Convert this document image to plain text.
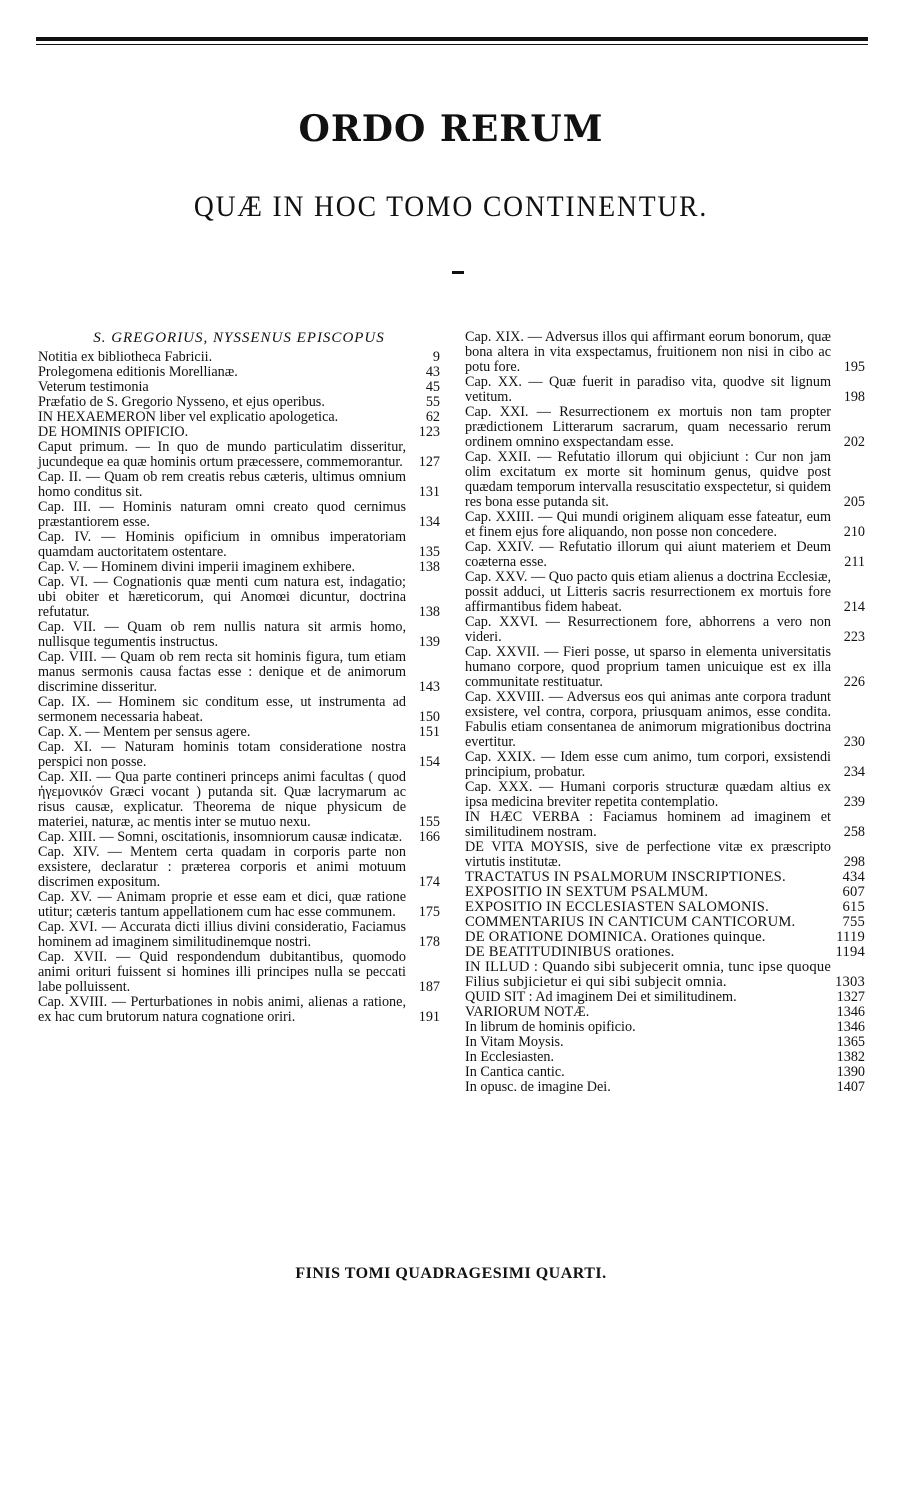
ORDO RERUM
QUÆ IN HOC TOMO CONTINENTUR.
S. GREGORIUS, NYSSENUS EPISCOPUS
Notitia ex bibliotheca Fabricii.	9
Prolegomena editionis Morellianæ.	43
Veterum testimonia	45
Præfatio de S. Gregorio Nysseno, et ejus operibus.	55
IN HEXAEMERON liber vel explicatio apologetica.	62
DE HOMINIS OPIFICIO.	123
Caput primum. — In quo de mundo particulatim disseritur, jucundeque ea quæ hominis ortum præcessere, commemorantur.	127
Cap. II. — Quam ob rem creatis rebus cæteris, ultimus omnium homo conditus sit.	131
Cap. III. — Hominis naturam omni creato quod cernimus præstantiorem esse.	134
Cap. IV. — Hominis opificium in omnibus imperatoriam quamdam auctoritatem ostentare.	135
Cap. V. — Hominem divini imperii imaginem exhibere.	138
Cap. VI. — Cognationis quæ menti cum natura est, indagatio; ubi obiter et hæreticorum, qui Anomœi dicuntur, doctrina refutatur.	138
Cap. VII. — Quam ob rem nullis natura sit armis homo, nullisque tegumentis instructus.	139
Cap. VIII. — Quam ob rem recta sit hominis figura, tum etiam manus sermonis causa factas esse : denique et de animorum discrimine disseritur.	143
Cap. IX. — Hominem sic conditum esse, ut instrumenta ad sermonem necessaria habeat.	150
Cap. X. — Mentem per sensus agere.	151
Cap. XI. — Naturam hominis totam consideratione nostra perspici non posse.	154
Cap. XII. — Qua parte contineri princeps animi facultas ( quod ἡγεμονικόν Græci vocant ) putanda sit. Quæ lacrymarum ac risus causæ, explicatur. Theorema de nique physicum de materiei, naturæ, ac mentis inter se mutuo nexu.	155
Cap. XIII. — Somni, oscitationis, insomniorum causæ indicatæ.	166
Cap. XIV. — Mentem certa quadam in corporis parte non exsistere, declaratur : præterea corporis et animi motuum discrimen expositum.	174
Cap. XV. — Animam proprie et esse eam et dici, quæ ratione utitur; cæteris tantum appellationem cum hac esse communem.	175
Cap. XVI. — Accurata dicti illius divini consideratio, Faciamus hominem ad imaginem similitudinemque nostri.	178
Cap. XVII. — Quid respondendum dubitantibus, quomodo animi orituri fuissent si homines illi principes nulla se peccati labe polluissent.	187
Cap. XVIII. — Perturbationes in nobis animi, alienas a ratione, ex hac cum brutorum natura cognatione oriri.	191
Cap. XIX. — Adversus illos qui affirmant eorum bonorum, quæ bona altera in vita exspectamus, fruitionem non nisi in cibo ac potu fore.	195
Cap. XX. — Quæ fuerit in paradiso vita, quodve sit lignum vetitum.	198
Cap. XXI. — Resurrectionem ex mortuis non tam propter prædictionem Litterarum sacrarum, quam necessario rerum ordinem omnino exspectandam esse.	202
Cap. XXII. — Refutatio illorum qui objiciunt : Cur non jam olim excitatum ex morte sit hominum genus, quidve post quædam temporum intervalla resuscitatio exspectetur, si quidem res bona esse putanda sit.	205
Cap. XXIII. — Qui mundi originem aliquam esse fateatur, eum et finem ejus fore aliquando, non posse non concedere.	210
Cap. XXIV. — Refutatio illorum qui aiunt materiem et Deum coæterna esse.	211
Cap. XXV. — Quo pacto quis etiam alienus a doctrina Ecclesiæ, possit adduci, ut Litteris sacris resurrectionem ex mortuis fore affirmantibus fidem habeat.	214
Cap. XXVI. — Resurrectionem fore, abhorrens a vero non videri.	223
Cap. XXVII. — Fieri posse, ut sparso in elementa universitatis humano corpore, quod proprium tamen unicuique est ex illa communitate restituatur.	226
Cap. XXVIII. — Adversus eos qui animas ante corpora tradunt exsistere, vel contra, corpora, priusquam animos, esse condita. Fabulis etiam consentanea de animorum migrationibus doctrina evertitur.	230
Cap. XXIX. — Idem esse cum animo, tum corpori, exsistendi principium, probatur.	234
Cap. XXX. — Humani corporis structuræ quædam altius ex ipsa medicina breviter repetita contemplatio.	239
IN HÆC VERBA : Faciamus hominem ad imaginem et similitudinem nostram.	258
DE VITA MOYSIS, sive de perfectione vitæ ex præscripto virtutis institutæ.	298
TRACTATUS IN PSALMORUM INSCRIPTIONES.	434
EXPOSITIO IN SEXTUM PSALMUM.	607
EXPOSITIO IN ECCLESIASTEN SALOMONIS.	615
COMMENTARIUS IN CANTICUM CANTICORUM.	755
DE ORATIONE DOMINICA. Orationes quinque.	1119
DE BEATITUDINIBUS orationes.	1194
IN ILLUD : Quando sibi subjecerit omnia, tunc ipse quoque Filius subjicietur ei qui sibi subjecit omnia.	1303
QUID SIT : Ad imaginem Dei et similitudinem.	1327
VARIORUM NOTÆ.	1346
In librum de hominis opificio.	1346
In Vitam Moysis.	1365
In Ecclesiasten.	1382
In Cantica cantic.	1390
In opusc. de imagine Dei.	1407
FINIS TOMI QUADRAGESIMI QUARTI.
